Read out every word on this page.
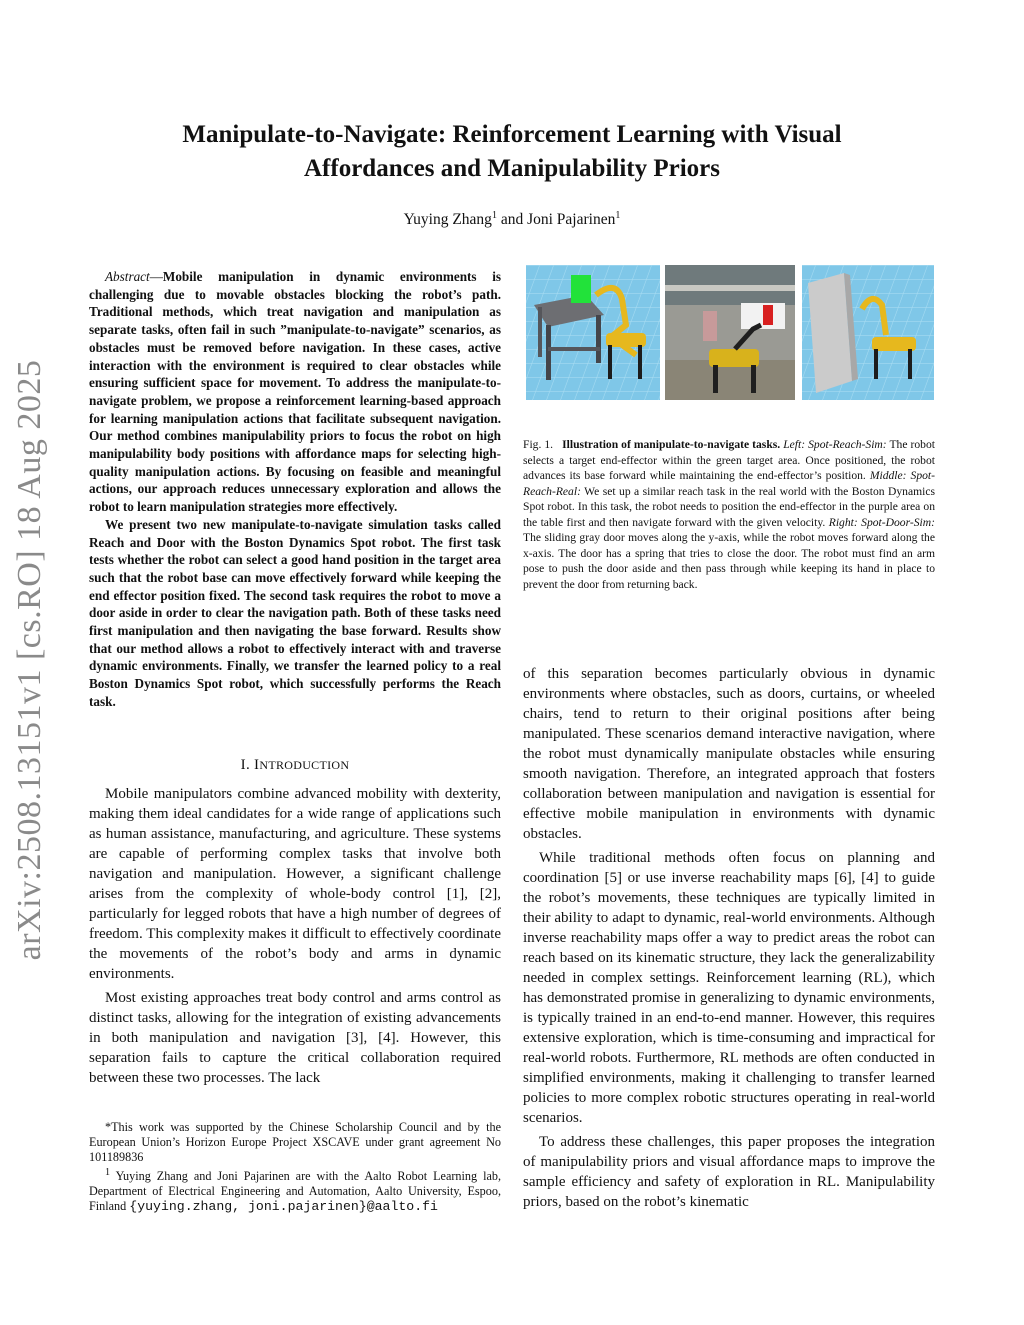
arXiv:2508.13151v1 [cs.RO] 18 Aug 2025
Manipulate-to-Navigate: Reinforcement Learning with Visual
Affordances and Manipulability Priors
Yuying Zhang$^1$ and Joni Pajarinen$^1$

Abstract—Mobile manipulation in dynamic environments is challenging due to movable obstacles blocking the robot’s path. Traditional methods, which treat navigation and manipulation as separate tasks, often fail in such ”manipulate-to-navigate” scenarios, as obstacles must be removed before navigation. In these cases, active interaction with the environment is required to clear obstacles while ensuring sufficient space for movement. To address the manipulate-to-navigate problem, we propose a reinforcement learning-based approach for learning manipulation actions that facilitate subsequent navigation. Our method combines manipulability priors to focus the robot on high manipulability body positions with affordance maps for selecting high-quality manipulation actions. By focusing on feasible and meaningful actions, our approach reduces unnecessary exploration and allows the robot to learn manipulation strategies more effectively.

We present two new manipulate-to-navigate simulation tasks called Reach and Door with the Boston Dynamics Spot robot. The first task tests whether the robot can select a good hand position in the target area such that the robot base can move effectively forward while keeping the end effector position fixed. The second task requires the robot to move a door aside in order to clear the navigation path. Both of these tasks need first manipulation and then navigating the base forward. Results show that our method allows a robot to effectively interact with and traverse dynamic environments. Finally, we transfer the learned policy to a real Boston Dynamics Spot robot, which successfully performs the Reach task.

I. INTRODUCTION

Mobile manipulators combine advanced mobility with dexterity, making them ideal candidates for a wide range of applications such as human assistance, manufacturing, and agriculture. These systems are capable of performing complex tasks that involve both navigation and manipulation. However, a significant challenge arises from the complexity of whole-body control [1], [2], particularly for legged robots that have a high number of degrees of freedom. This complexity makes it difficult to effectively coordinate the movements of the robot’s body and arms in dynamic environments.

Most existing approaches treat body control and arms control as distinct tasks, allowing for the integration of existing advancements in both manipulation and navigation [3], [4]. However, this separation fails to capture the critical collaboration required between these two processes. The lack

*This work was supported by the Chinese Scholarship Council and by the European Union’s Horizon Europe Project XSCAVE under grant agreement No 101189836

$^1$ Yuying Zhang and Joni Pajarinen are with the Aalto Robot Learning lab, Department of Electrical Engineering and Automation, Aalto University, Espoo, Finland {yuying.zhang, joni.pajarinen}@aalto.fi

Fig. 1. Illustration of manipulate-to-navigate tasks. Left: Spot-Reach-Sim: The robot selects a target end-effector within the green target area. Once positioned, the robot advances its base forward while maintaining the end-effector’s position. Middle: Spot-Reach-Real: We set up a similar reach task in the real world with the Boston Dynamics Spot robot. In this task, the robot needs to position the end-effector in the purple area on the table first and then navigate forward with the given velocity. Right: Spot-Door-Sim: The sliding gray door moves along the y-axis, while the robot moves forward along the x-axis. The door has a spring that tries to close the door. The robot must find an arm pose to push the door aside and then pass through while keeping its hand in place to prevent the door from returning back.

of this separation becomes particularly obvious in dynamic environments where obstacles, such as doors, curtains, or wheeled chairs, tend to return to their original positions after being manipulated. These scenarios demand interactive navigation, where the robot must dynamically manipulate obstacles while ensuring smooth navigation. Therefore, an integrated approach that fosters collaboration between manipulation and navigation is essential for effective mobile manipulation in environments with dynamic obstacles.

While traditional methods often focus on planning and coordination [5] or use inverse reachability maps [6], [4] to guide the robot’s movements, these techniques are typically limited in their ability to adapt to dynamic, real-world environments. Although inverse reachability maps offer a way to predict areas the robot can reach based on its kinematic structure, they lack the generalizability needed in complex settings. Reinforcement learning (RL), which has demonstrated promise in generalizing to dynamic environments, is typically trained in an end-to-end manner. However, this requires extensive exploration, which is time-consuming and impractical for real-world robots. Furthermore, RL methods are often conducted in simplified environments, making it challenging to transfer learned policies to more complex robotic structures operating in real-world scenarios.

To address these challenges, this paper proposes the integration of manipulability priors and visual affordance maps to improve the sample efficiency and safety of exploration in RL. Manipulability priors, based on the robot’s kinematic
